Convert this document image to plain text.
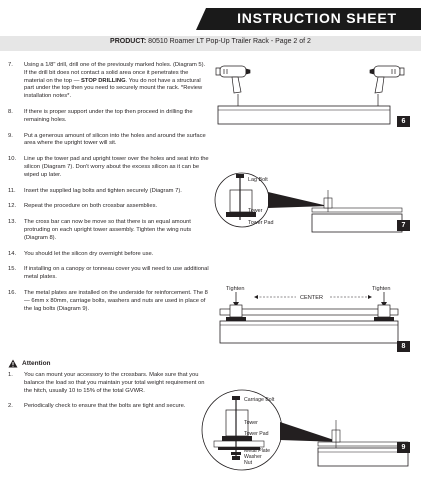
INSTRUCTION SHEET
PRODUCT: 80510 Roamer LT Pop-Up Trailer Rack - Page 2 of 2
7.	Using a 1/8" drill, drill one of the previously marked holes. (Diagram 5). If the drill bit does not contact a solid area once it penetrates the material on the top — STOP DRILLING. You do not have a structural part under the top then you need to securely mount the rack. *Review installation notes*.
8.	If there is proper support under the top then proceed in drilling the remaining holes.
9.	Put a generous amount of silicon into the holes and around the surface area where the upright tower will sit.
10.	Line up the tower pad and upright tower over the holes and seat into the silicon (Diagram 7). Don't worry about the excess silicon as it can be wiped up later.
11.	Insert the supplied lag bolts and tighten securely (Diagram 7).
12.	Repeat the procedure on both crossbar assemblies.
13.	The cross bar can now be move so that there is an equal amount protruding on each upright tower assembly. Tighten the wing nuts (Diagram 8).
14.	You should let the silicon dry overnight before use.
15.	If installing on a canopy or tonneau cover you will need to use additional metal plates.
16.	The metal plates are installed on the underside for reinforcement. The 8 — 6mm x 80mm, carriage bolts, washers and nuts are used in place of the lag bolts (Diagram 9).
Attention
1.	You can mount your accessory to the crossbars. Make sure that you balance the load so that you maintain your total weight requirement on the hitch, usually 10 to 15% of the total GVWR.
2.	Periodically check to ensure that the bolts are tight and secure.
6
Lag Bolt
Tower
Tower Pad	7
Tighten
CENTER
Tighten
8
Carriage Bolt
Tower
Tower Pad
Metal Plate
Washer
Nut
9
